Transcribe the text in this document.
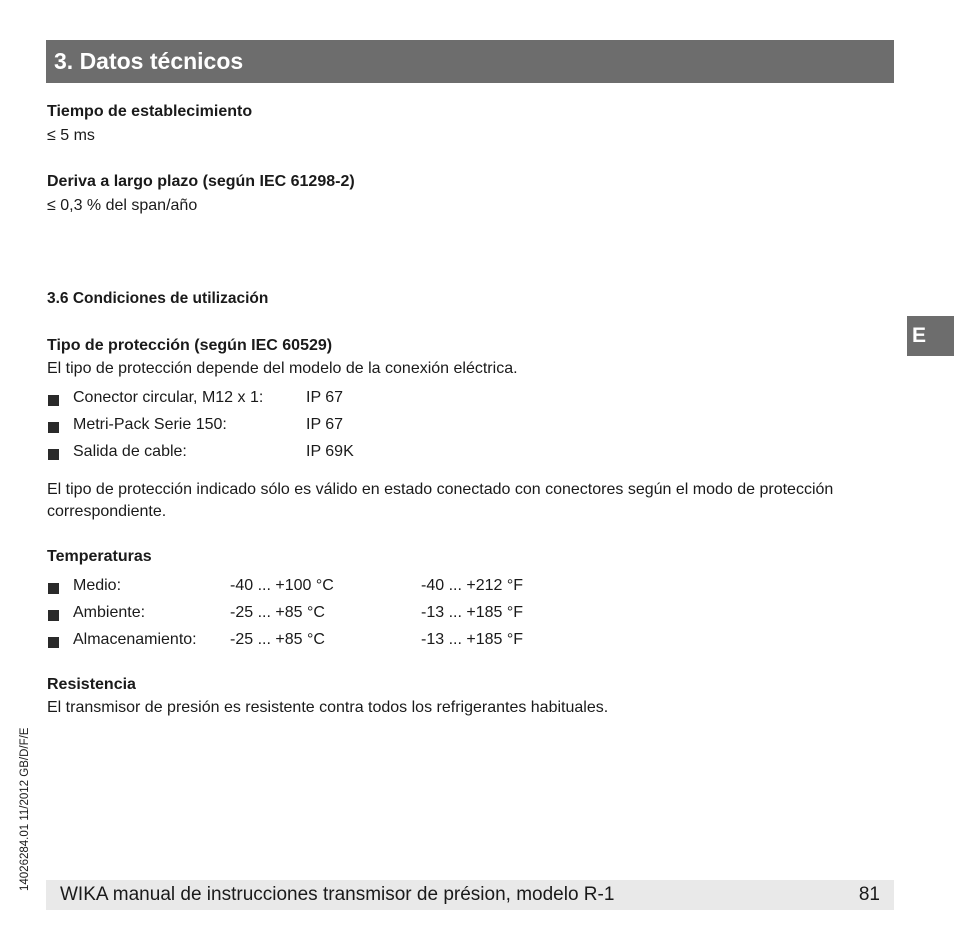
3. Datos técnicos
E
Tiempo de establecimiento
≤ 5 ms
Deriva a largo plazo (según IEC 61298-2)
≤ 0,3 % del span/año
3.6 Condiciones de utilización
Tipo de protección (según IEC 60529)
El tipo de protección depende del modelo de la conexión eléctrica.
Conector circular, M12 x 1:	IP 67
Metri-Pack Serie 150:	IP 67
Salida de cable:	IP 69K
El tipo de protección indicado sólo es válido en estado conectado con conectores según el modo de protección correspondiente.
Temperaturas
Medio:	-40 ... +100 °C	-40 ... +212 °F
Ambiente:	-25 ... +85 °C	-13 ... +185 °F
Almacenamiento: -25 ... +85 °C	-13 ... +185 °F
Resistencia
El transmisor de presión es resistente contra todos los refrigerantes habituales.
14026284.01 11/2012 GB/D/F/E
WIKA manual de instrucciones transmisor de présion, modelo R-1	81
